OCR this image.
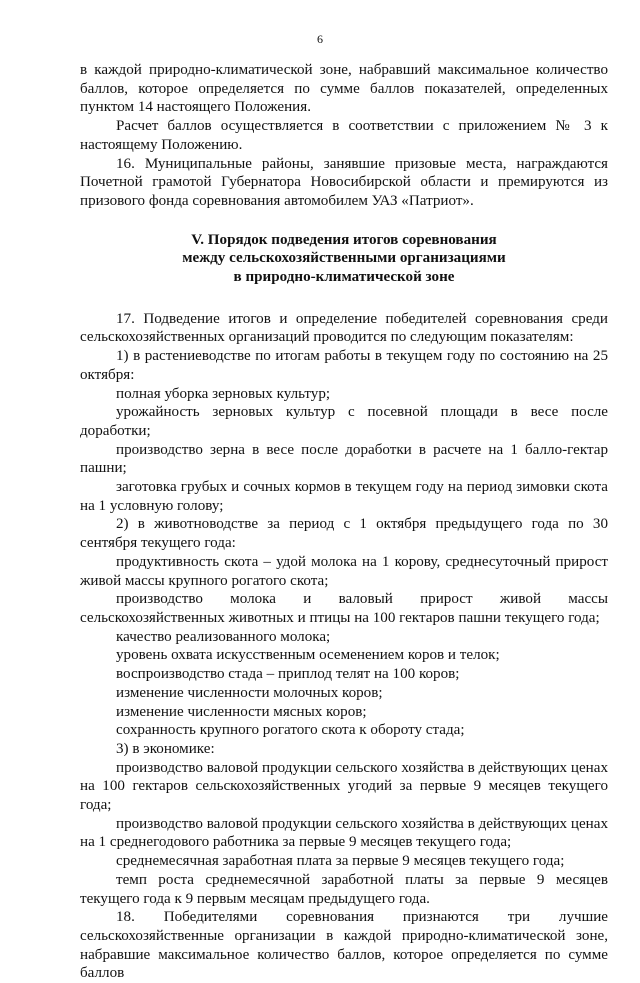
6

в каждой природно-климатической зоне, набравший максимальное количество баллов, которое определяется по сумме баллов показателей, определенных пунктом 14 настоящего Положения.

Расчет баллов осуществляется в соответствии с приложением № 3 к настоящему Положению.

16. Муниципальные районы, занявшие призовые места, награждаются Почетной грамотой Губернатора Новосибирской области и премируются из призового фонда соревнования автомобилем УАЗ «Патриот».

V. Порядок подведения итогов соревнования
между сельскохозяйственными организациями
в природно-климатической зоне

17. Подведение итогов и определение победителей соревнования среди сельскохозяйственных организаций проводится по следующим показателям:

1) в растениеводстве по итогам работы в текущем году по состоянию на 25 октября:

полная уборка зерновых культур;

урожайность зерновых культур с посевной площади в весе после доработки;

производство зерна в весе после доработки в расчете на 1 балло-гектар пашни;

заготовка грубых и сочных кормов в текущем году на период зимовки скота на 1 условную голову;

2) в животноводстве за период с 1 октября предыдущего года по 30 сентября текущего года:

продуктивность скота – удой молока на 1 корову, среднесуточный прирост живой массы крупного рогатого скота;

производство молока и валовый прирост живой массы сельскохозяйственных животных и птицы на 100 гектаров пашни текущего года;

качество реализованного молока;

уровень охвата искусственным осеменением коров и телок;

воспроизводство стада – приплод телят на 100 коров;

изменение численности молочных коров;

изменение численности мясных коров;

сохранность крупного рогатого скота к обороту стада;

3) в экономике:

производство валовой продукции сельского хозяйства в действующих ценах на 100 гектаров сельскохозяйственных угодий за первые 9 месяцев текущего года;

производство валовой продукции сельского хозяйства в действующих ценах на 1 среднегодового работника за первые 9 месяцев текущего года;

среднемесячная заработная плата за первые 9 месяцев текущего года;

темп роста среднемесячной заработной платы за первые 9 месяцев текущего года к 9 первым месяцам предыдущего года.

18. Победителями соревнования признаются три лучшие сельскохозяйственные организации в каждой природно-климатической зоне, набравшие максимальное количество баллов, которое определяется по сумме баллов
